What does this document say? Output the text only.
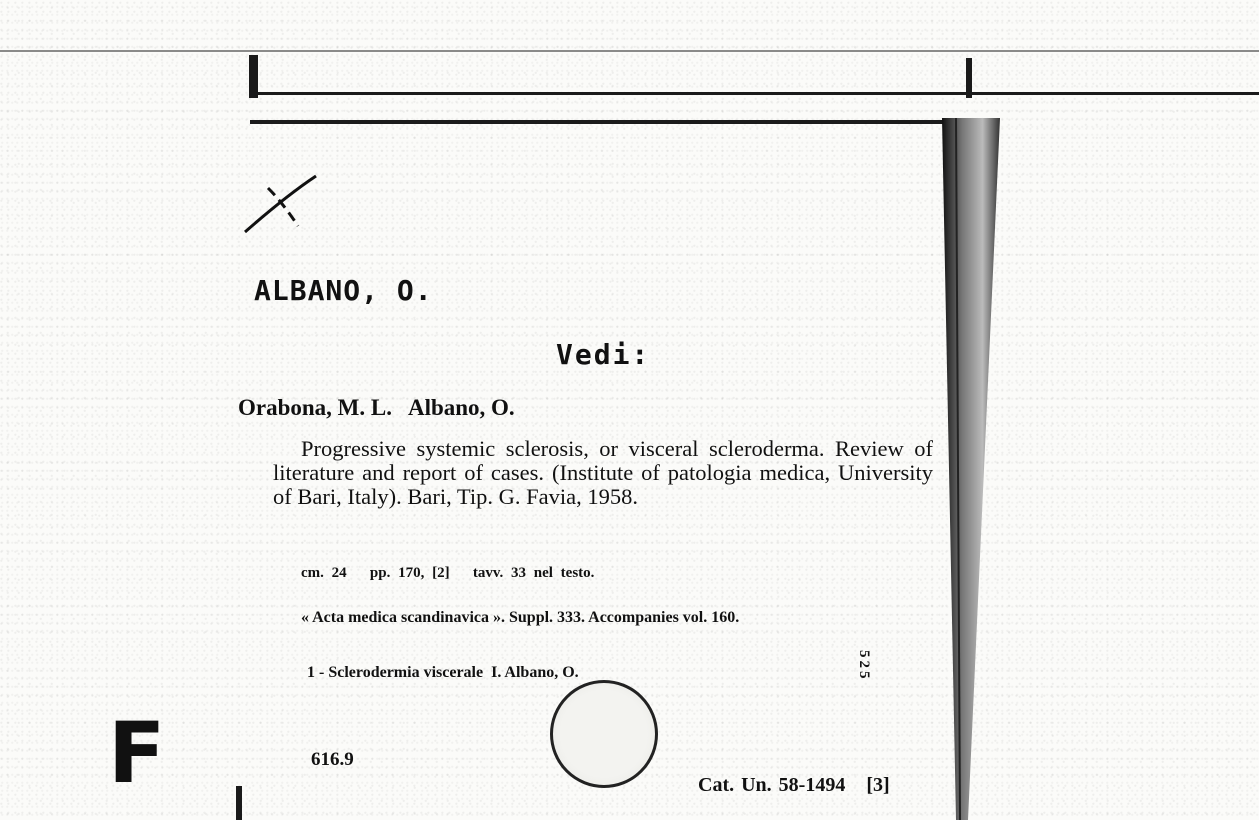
ALBANO, O.
Vedi:
Orabona, M. L.   Albano, O.
Progressive systemic sclerosis, or visceral scleroderma. Review of literature and report of cases. (Institute of patologia medica, University of Bari, Italy). Bari, Tip. G. Favia, 1958.
cm. 24   pp. 170, [2]   tavv. 33 nel testo.
« Acta medica scandinavica ». Suppl. 333. Accompanies vol. 160.
1 - Sclerodermia viscerale  I. Albano, O.
616.9
Cat. Un. 58-1494   [3]
525
F
